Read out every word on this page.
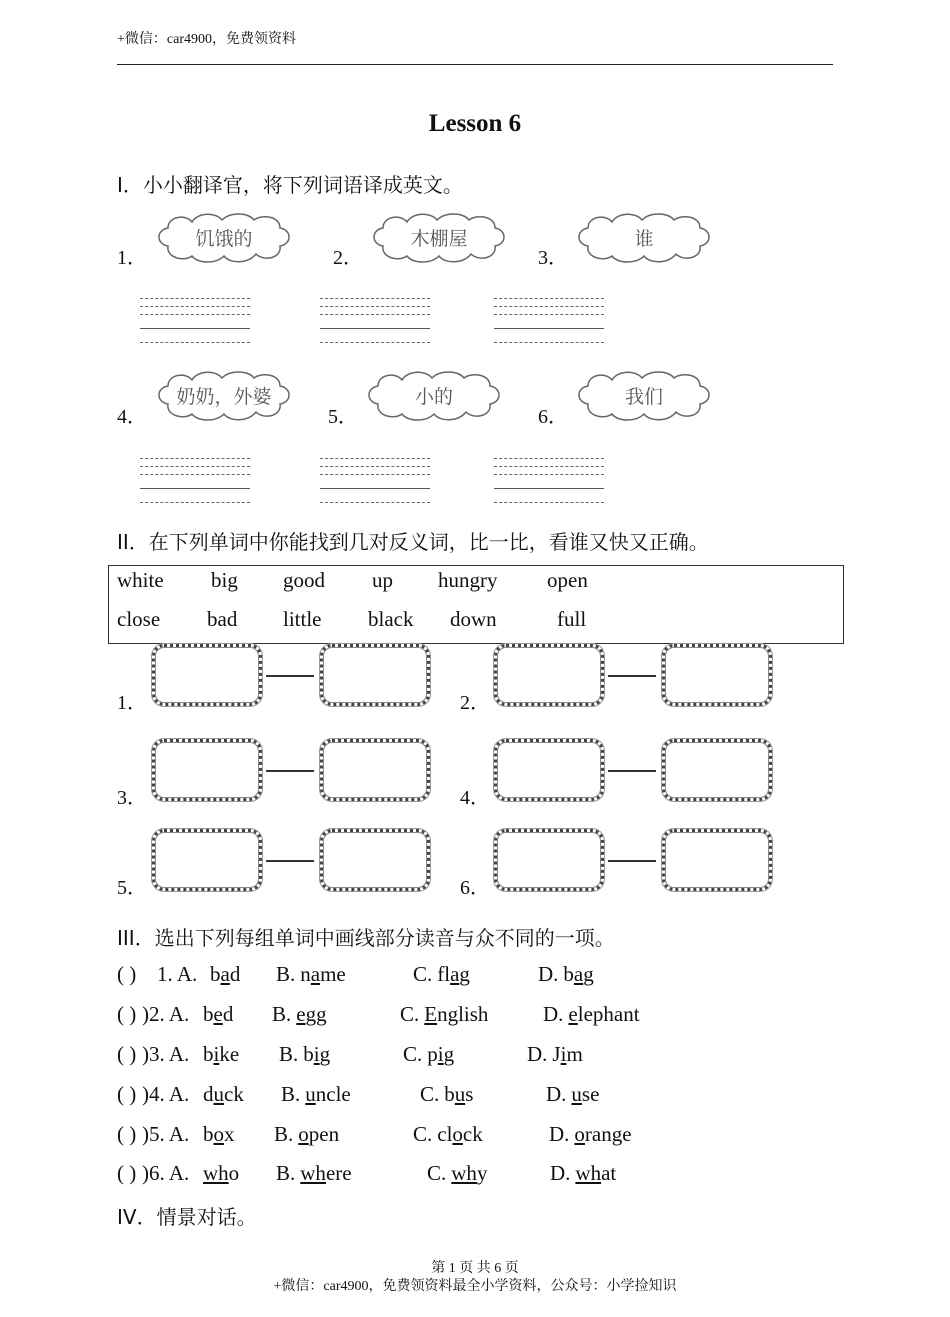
+微信：car4900，免费领资料
Lesson 6
I．小小翻译官，将下列词语译成英文。
1．
饥饿的
2．
木棚屋
3．
谁
4．
奶奶，外婆
5．
小的
6．
我们
II．在下列单词中你能找到几对反义词，比一比，看谁又快又正确。
white big good up hungry open
close bad little black down	full
1．	2．
3．	4．
5．	6．
III．选出下列每组单词中画线部分读音与众不同的一项。
( ) 1. A. bad B. name	C. flag	D. bag
( ) )2. A. bed B. egg	C. English	D. elephant
( ) )3. A. bike B. big	C. pig	D. Jim
( ) )4. A. duck B. uncle	C. bus	D. use
( ) )5. A. box B. open	C. clock	D. orange
( ) )6. A. who B. where	C. why	D. what
IV．情景对话。
第 1 页 共 6 页
+微信：car4900，免费领资料最全小学资料，公众号：小学捡知识
